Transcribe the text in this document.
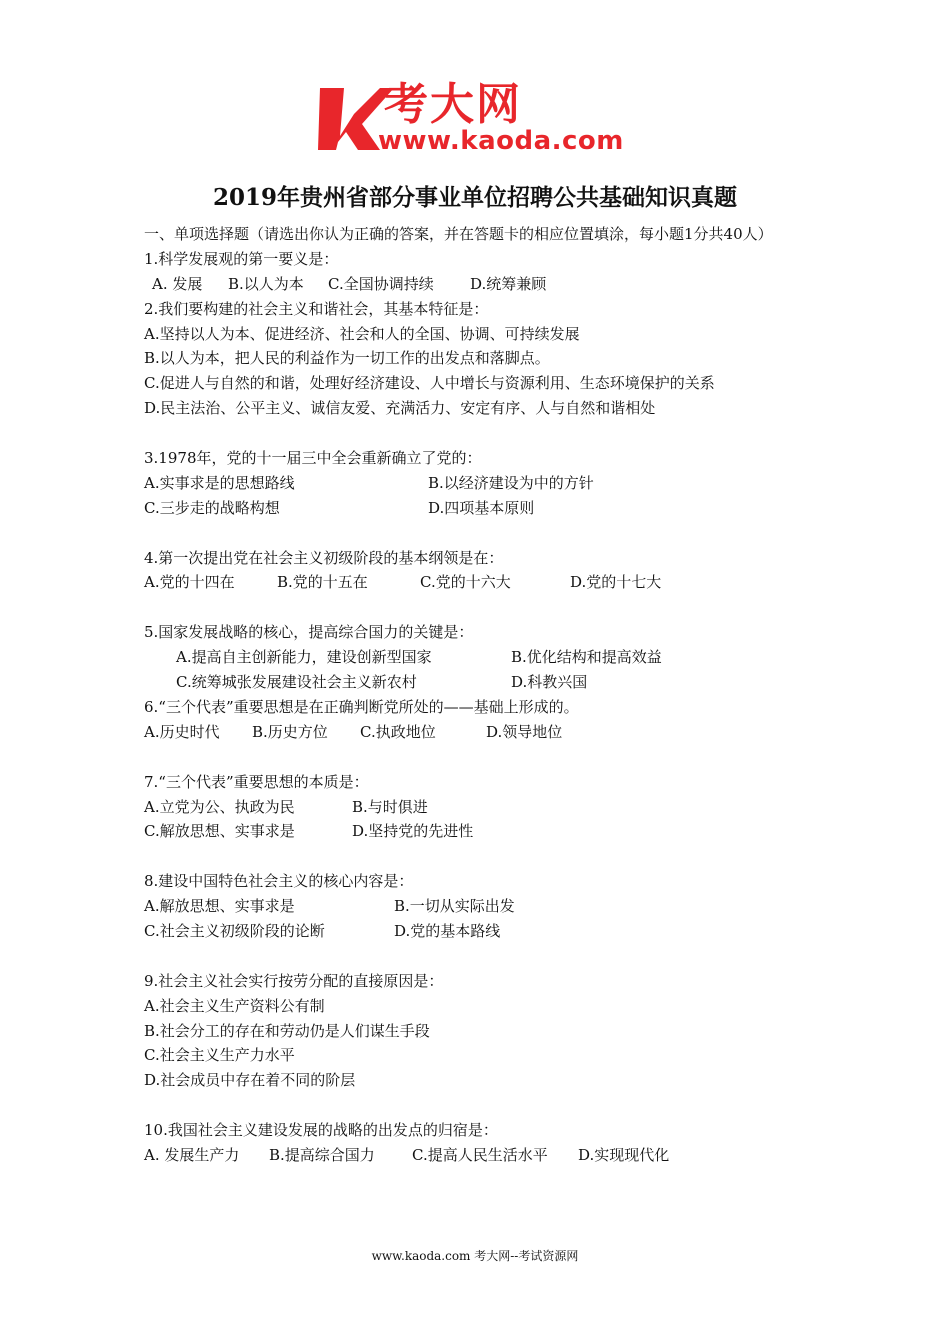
考大网
www.kaoda.com
2019年贵州省部分事业单位招聘公共基础知识真题
一、单项选择题（请选出你认为正确的答案，并在答题卡的相应位置填涂，每小题1分共40人）
1.科学发展观的第一要义是：
A. 发展 B.以人为本 C.全国协调持续 D.统筹兼顾
2.我们要构建的社会主义和谐社会，其基本特征是：
A.坚持以人为本、促进经济、社会和人的全国、协调、可持续发展
B.以人为本，把人民的利益作为一切工作的出发点和落脚点。
C.促进人与自然的和谐，处理好经济建设、人中增长与资源利用、生态环境保护的关系
D.民主法治、公平主义、诚信友爱、充满活力、安定有序、人与自然和谐相处
3.1978年，党的十一届三中全会重新确立了党的：
A.实事求是的思想路线	B.以经济建设为中的方针
C.三步走的战略构想	D.四项基本原则
4.第一次提出党在社会主义初级阶段的基本纲领是在：
A.党的十四在	B.党的十五在	C.党的十六大	D.党的十七大
5.国家发展战略的核心，提高综合国力的关键是：
A.提高自主创新能力，建设创新型国家	B.优化结构和提高效益
C.统筹城张发展建设社会主义新农村	D.科教兴国
6.“三个代表”重要思想是在正确判断党所处的——基础上形成的。
A.历史时代 B.历史方位 C.执政地位	D.领导地位
7.“三个代表”重要思想的本质是：
A.立党为公、执政为民	B.与时俱进
C.解放思想、实事求是	D.坚持党的先进性
8.建设中国特色社会主义的核心内容是：
A.解放思想、实事求是	B.一切从实际出发
C.社会主义初级阶段的论断	D.党的基本路线
9.社会主义社会实行按劳分配的直接原因是：
A.社会主义生产资料公有制
B.社会分工的存在和劳动仍是人们谋生手段
C.社会主义生产力水平
D.社会成员中存在着不同的阶层
10.我国社会主义建设发展的战略的出发点的归宿是：
A. 发展生产力 B.提高综合国力 C.提高人民生活水平 D.实现现代化
www.kaoda.com 考大网--考试资源网
